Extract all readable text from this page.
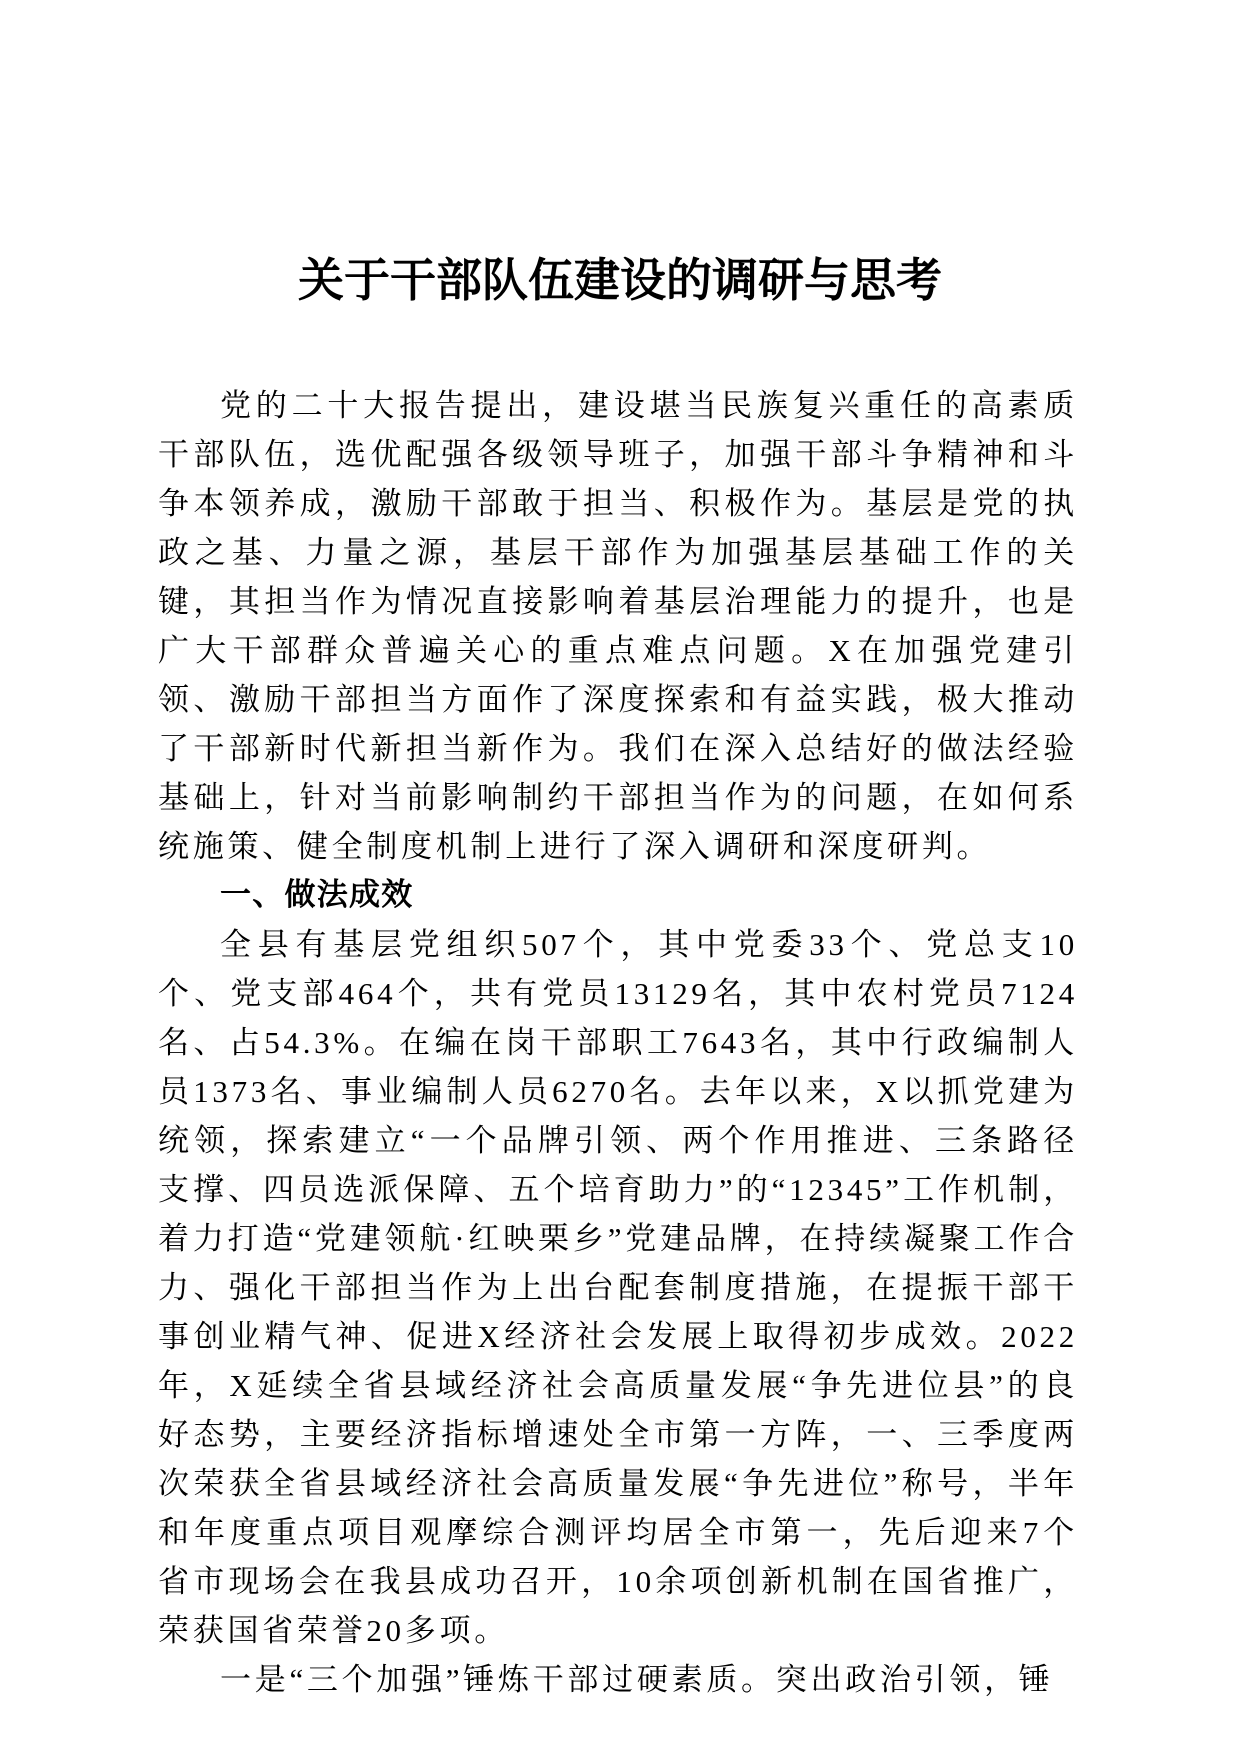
关于干部队伍建设的调研与思考

党的二十大报告提出，建设堪当民族复兴重任的高素质干部队伍，选优配强各级领导班子，加强干部斗争精神和斗争本领养成，激励干部敢于担当、积极作为。基层是党的执政之基、力量之源，基层干部作为加强基层基础工作的关键，其担当作为情况直接影响着基层治理能力的提升，也是广大干部群众普遍关心的重点难点问题。X在加强党建引领、激励干部担当方面作了深度探索和有益实践，极大推动了干部新时代新担当新作为。我们在深入总结好的做法经验基础上，针对当前影响制约干部担当作为的问题，在如何系统施策、健全制度机制上进行了深入调研和深度研判。

一、做法成效

全县有基层党组织507个，其中党委33个、党总支10个、党支部464个，共有党员13129名，其中农村党员7124名、占54.3%。在编在岗干部职工7643名，其中行政编制人员1373名、事业编制人员6270名。去年以来，X以抓党建为统领，探索建立“一个品牌引领、两个作用推进、三条路径支撑、四员选派保障、五个培育助力”的“12345”工作机制，着力打造“党建领航·红映栗乡”党建品牌，在持续凝聚工作合力、强化干部担当作为上出台配套制度措施，在提振干部干事创业精气神、促进X经济社会发展上取得初步成效。2022年，X延续全省县域经济社会高质量发展“争先进位县”的良好态势，主要经济指标增速处全市第一方阵，一、三季度两次荣获全省县域经济社会高质量发展“争先进位”称号，半年和年度重点项目观摩综合测评均居全市第一，先后迎来7个省市现场会在我县成功召开，10余项创新机制在国省推广，荣获国省荣誉20多项。

一是“三个加强”锤炼干部过硬素质。突出政治引领，锤
